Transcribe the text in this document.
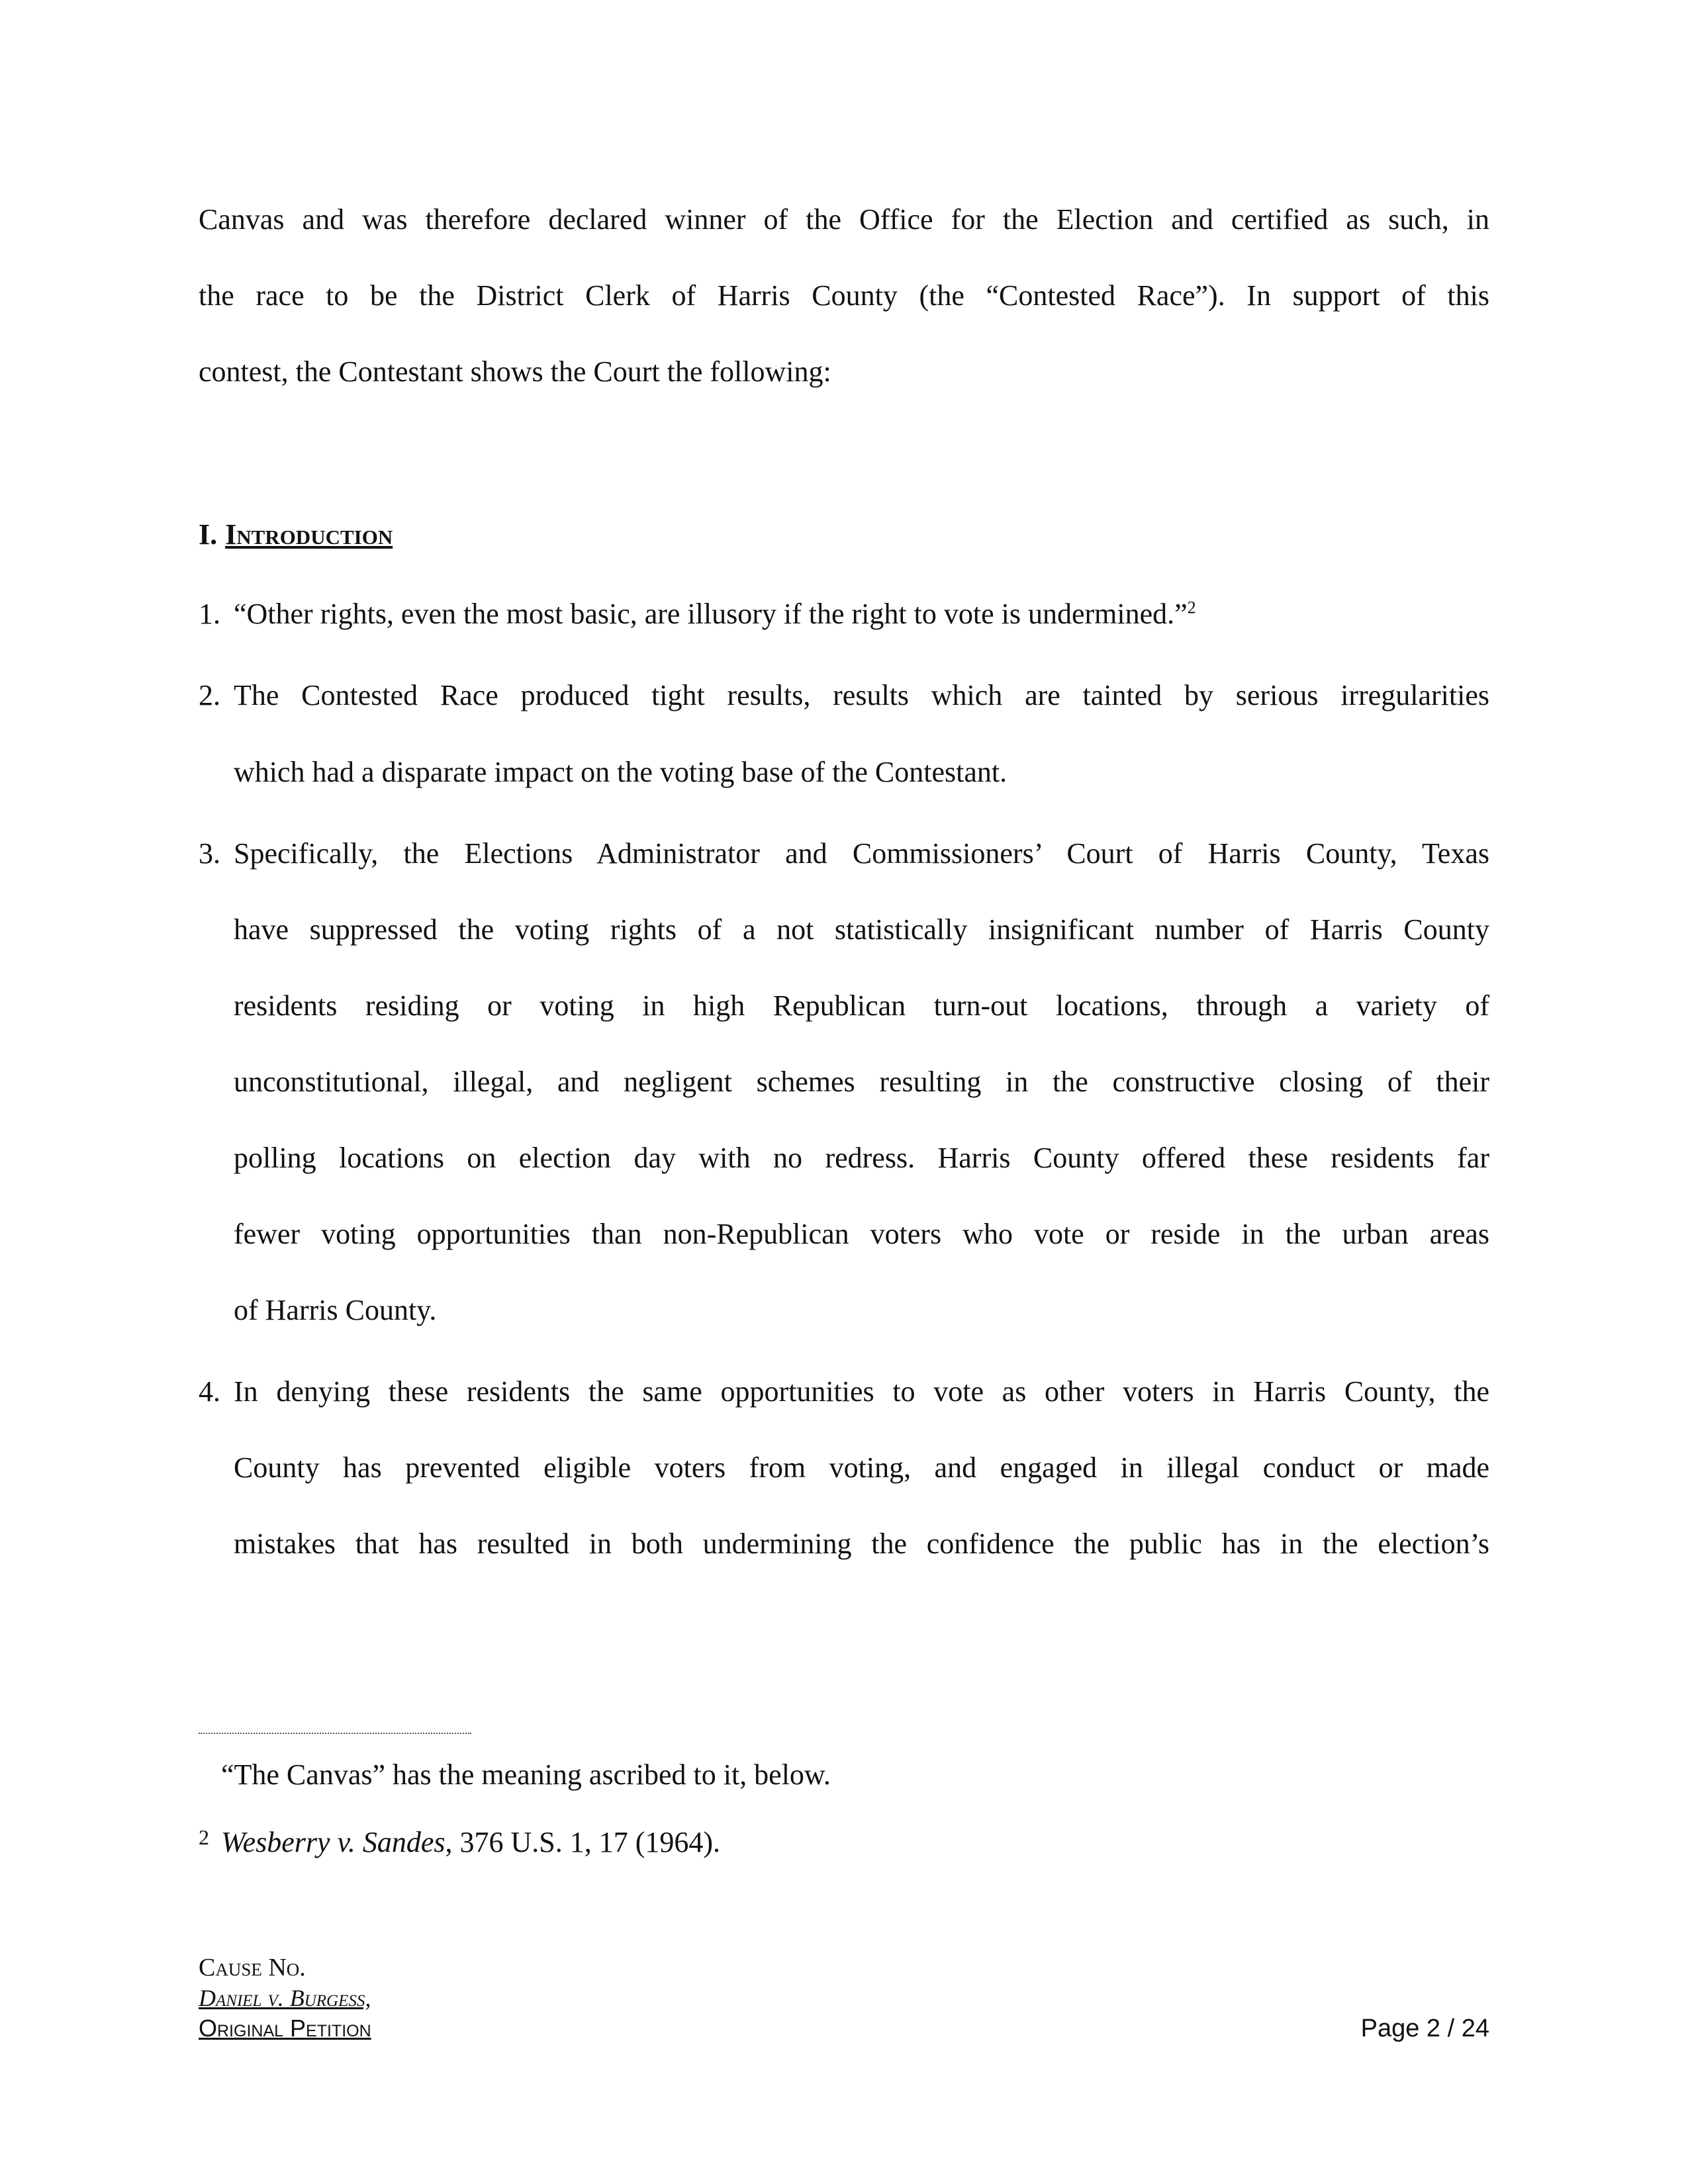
Canvas and was therefore declared winner of the Office for the Election and certified as such, in
the race to be the District Clerk of Harris County (the “Contested Race”). In support of this
contest, the Contestant shows the Court the following:
I. Introduction
1. “Other rights, even the most basic, are illusory if the right to vote is undermined.”$^2$
2. The Contested Race produced tight results, results which are tainted by serious irregularities
which had a disparate impact on the voting base of the Contestant.
3. Specifically, the Elections Administrator and Commissioners’ Court of Harris County, Texas
have suppressed the voting rights of a not statistically insignificant number of Harris County
residents residing or voting in high Republican turn-out locations, through a variety of
unconstitutional, illegal, and negligent schemes resulting in the constructive closing of their
polling locations on election day with no redress. Harris County offered these residents far
fewer voting opportunities than non-Republican voters who vote or reside in the urban areas
of Harris County.
4. In denying these residents the same opportunities to vote as other voters in Harris County, the
County has prevented eligible voters from voting, and engaged in illegal conduct or made
mistakes that has resulted in both undermining the confidence the public has in the election’s
“The Canvas” has the meaning ascribed to it, below.
2 Wesberry v. Sandes, 376 U.S. 1, 17 (1964).
Cause No.
Daniel v. Burgess,
Original Petition	Page 2 / 24
